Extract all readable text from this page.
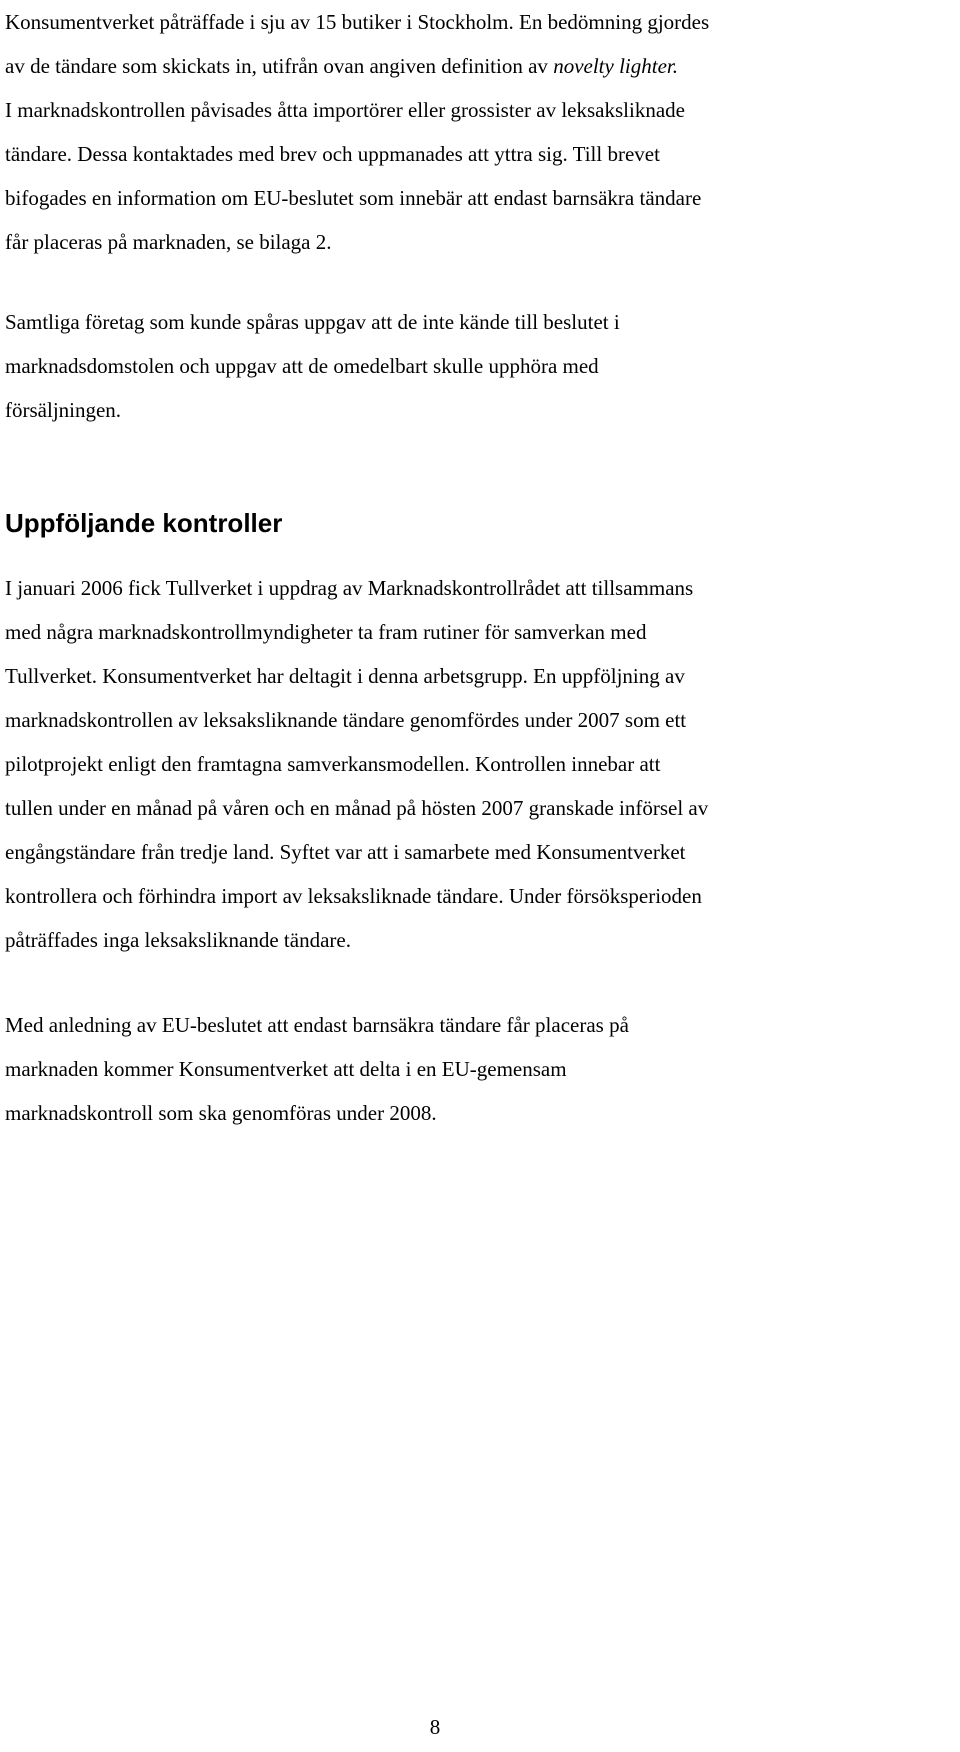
Konsumentverket påträffade i sju av 15 butiker i Stockholm. En bedömning gjordes
av de tändare som skickats in, utifrån ovan angiven definition av novelty lighter.
I marknadskontrollen påvisades åtta importörer eller grossister av leksaksliknade
tändare. Dessa kontaktades med brev och uppmanades att yttra sig. Till brevet
bifogades en information om EU-beslutet som innebär att endast barnsäkra tändare
får placeras på marknaden, se bilaga 2.

Samtliga företag som kunde spåras uppgav att de inte kände till beslutet i
marknadsdomstolen och uppgav att de omedelbart skulle upphöra med
försäljningen.

Uppföljande kontroller

I januari 2006 fick Tullverket i uppdrag av Marknadskontrollrådet att tillsammans
med några marknadskontrollmyndigheter ta fram rutiner för samverkan med
Tullverket. Konsumentverket har deltagit i denna arbetsgrupp. En uppföljning av
marknadskontrollen av leksaksliknande tändare genomfördes under 2007 som ett
pilotprojekt enligt den framtagna samverkansmodellen. Kontrollen innebar att
tullen under en månad på våren och en månad på hösten 2007 granskade införsel av
engångständare från tredje land. Syftet var att i samarbete med Konsumentverket
kontrollera och förhindra import av leksaksliknade tändare. Under försöksperioden
påträffades inga leksaksliknande tändare.

Med anledning av EU-beslutet att endast barnsäkra tändare får placeras på
marknaden kommer Konsumentverket att delta i en EU-gemensam
marknadskontroll som ska genomföras under 2008.

8
